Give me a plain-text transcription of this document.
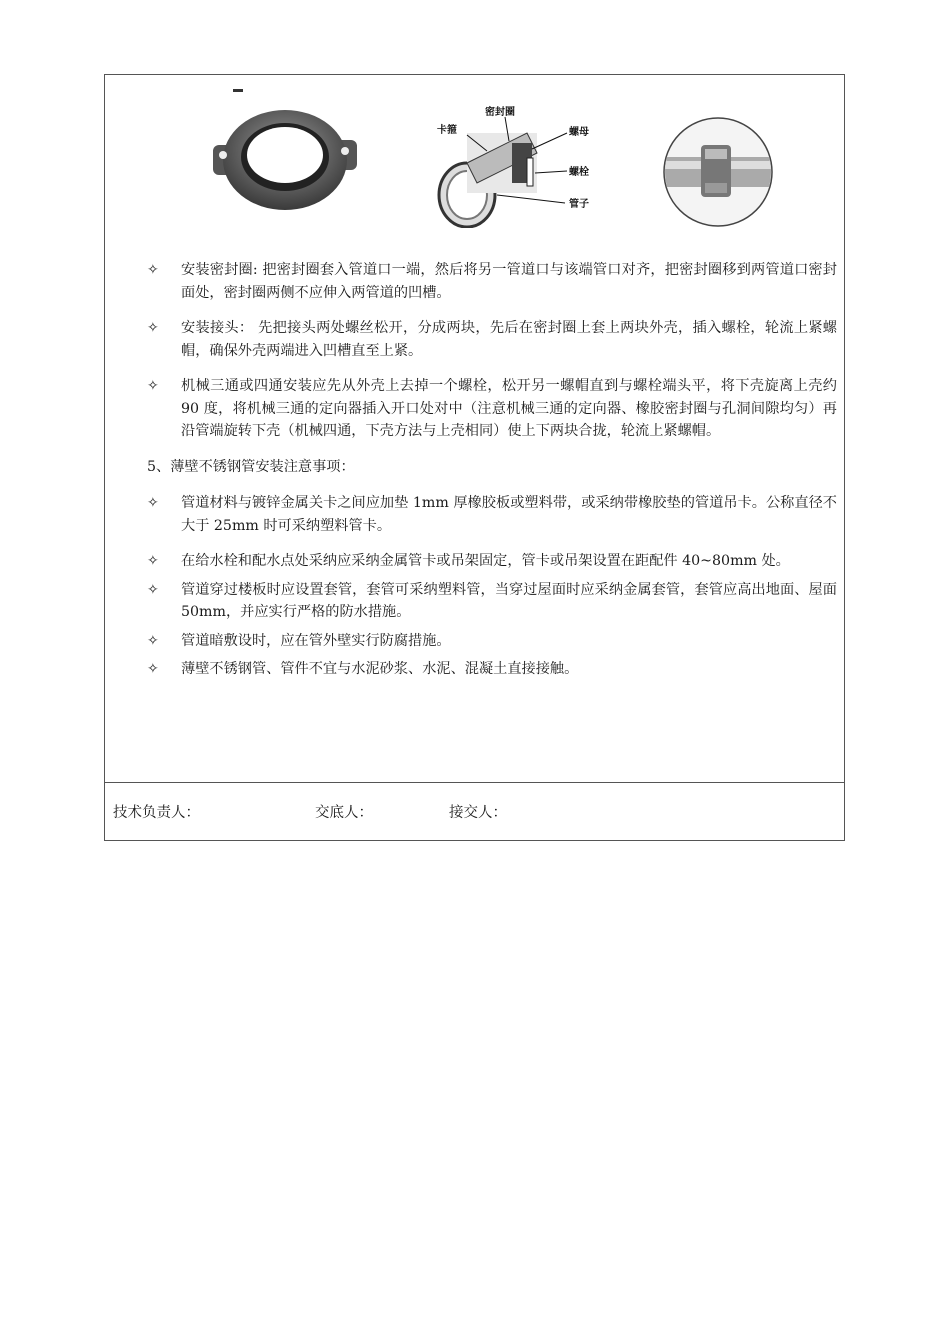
卡箍
密封圈
螺母
螺栓
管子
✧ 安装密封圈: 把密封圈套入管道口一端，然后将另一管道口与该端管口对齐，把密封圈移到两管道口密封面处，密封圈两侧不应伸入两管道的凹槽。
✧ 安装接头： 先把接头两处螺丝松开，分成两块，先后在密封圈上套上两块外壳，插入螺栓，轮流上紧螺帽，确保外壳两端进入凹槽直至上紧。
✧ 机械三通或四通安装应先从外壳上去掉一个螺栓，松开另一螺帽直到与螺栓端头平，将下壳旋离上壳约 90 度，将机械三通的定向器插入开口处对中（注意机械三通的定向器、橡胶密封圈与孔洞间隙均匀）再沿管端旋转下壳（机械四通，下壳方法与上壳相同）使上下两块合拢，轮流上紧螺帽。
5、薄壁不锈钢管安装注意事项：
✧ 管道材料与镀锌金属关卡之间应加垫 1mm 厚橡胶板或塑料带，或采纳带橡胶垫的管道吊卡。公称直径不大于 25mm 时可采纳塑料管卡。
✧ 在给水栓和配水点处采纳应采纳金属管卡或吊架固定，管卡或吊架设置在距配件 40~80mm 处。
✧ 管道穿过楼板时应设置套管，套管可采纳塑料管，当穿过屋面时应采纳金属套管，套管应高出地面、屋面 50mm，并应实行严格的防水措施。
✧ 管道暗敷设时，应在管外壁实行防腐措施。
✧ 薄壁不锈钢管、管件不宜与水泥砂浆、水泥、混凝土直接接触。
技术负责人：	交底人：	接交人：
